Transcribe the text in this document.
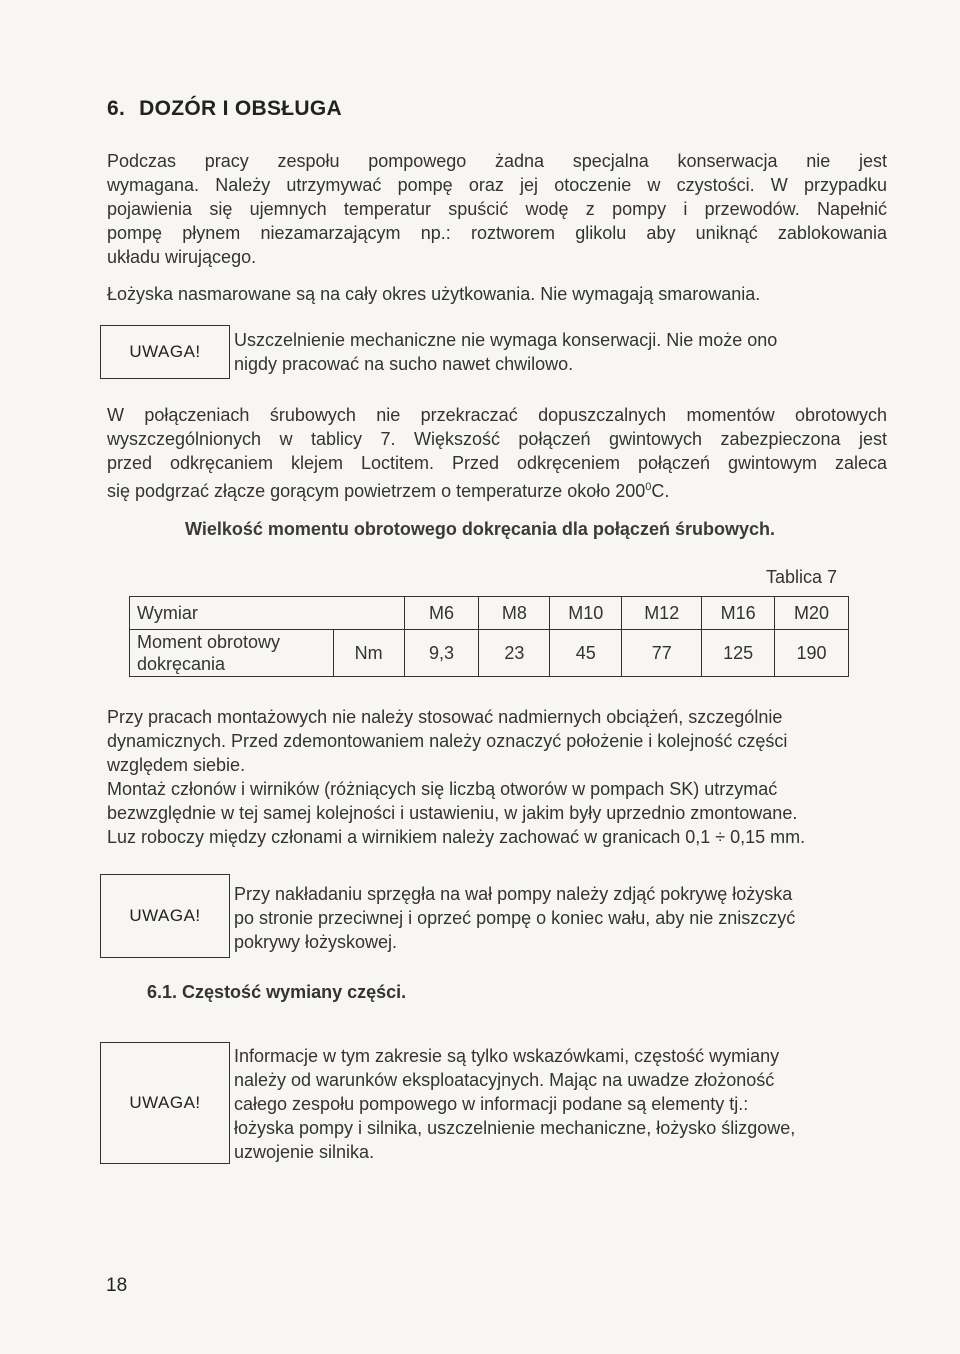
6. DOZÓR I OBSŁUGA

Podczas pracy zespołu pompowego żadna specjalna konserwacja nie jest

wymagana. Należy utrzymywać pompę oraz jej otoczenie w czystości. W przypadku

pojawienia się ujemnych temperatur spuścić wodę z pompy i przewodów. Napełnić

pompę płynem niezamarzającym np.: roztworem glikolu aby uniknąć zablokowania

układu wirującego.

Łożyska nasmarowane są na cały okres użytkowania. Nie wymagają smarowania.

UWAGA!

Uszczelnienie mechaniczne nie wymaga konserwacji. Nie może ono

nigdy pracować na sucho nawet chwilowo.

W połączeniach śrubowych nie przekraczać dopuszczalnych momentów obrotowych

wyszczególnionych w tablicy 7. Większość połączeń gwintowych zabezpieczona jest

przed odkręcaniem klejem Loctitem. Przed odkręceniem połączeń gwintowym zaleca

się podgrzać złącze gorącym powietrzem o temperaturze około $200^0C$.

Wielkość momentu obrotowego dokręcania dla połączeń śrubowych.
Tablica 7
Wymiar		M6	M8	M10	M12	M16	M20
Moment obrotowy
dokręcania	Nm	9,3	23	45	77	125	190

Przy pracach montażowych nie należy stosować nadmiernych obciążeń, szczególnie

dynamicznych. Przed zdemontowaniem należy oznaczyć położenie i kolejność części

względem siebie.

Montaż członów i wirników (różniących się liczbą otworów w pompach SK) utrzymać

bezwzględnie w tej samej kolejności i ustawieniu, w jakim były uprzednio zmontowane.

Luz roboczy między członami a wirnikiem należy zachować w granicach 0,1 ÷ 0,15 mm.

UWAGA!

Przy nakładaniu sprzęgła na wał pompy należy zdjąć pokrywę łożyska

po stronie przeciwnej i oprzeć pompę o koniec wału, aby nie zniszczyć

pokrywy łożyskowej.

6.1. Częstość wymiany części.
UWAGA!

Informacje w tym zakresie są tylko wskazówkami, częstość wymiany

należy od warunków eksploatacyjnych. Mając na uwadze złożoność

całego zespołu pompowego w informacji podane są elementy tj.:

łożyska pompy i silnika, uszczelnienie mechaniczne, łożysko ślizgowe,

uzwojenie silnika.

18
